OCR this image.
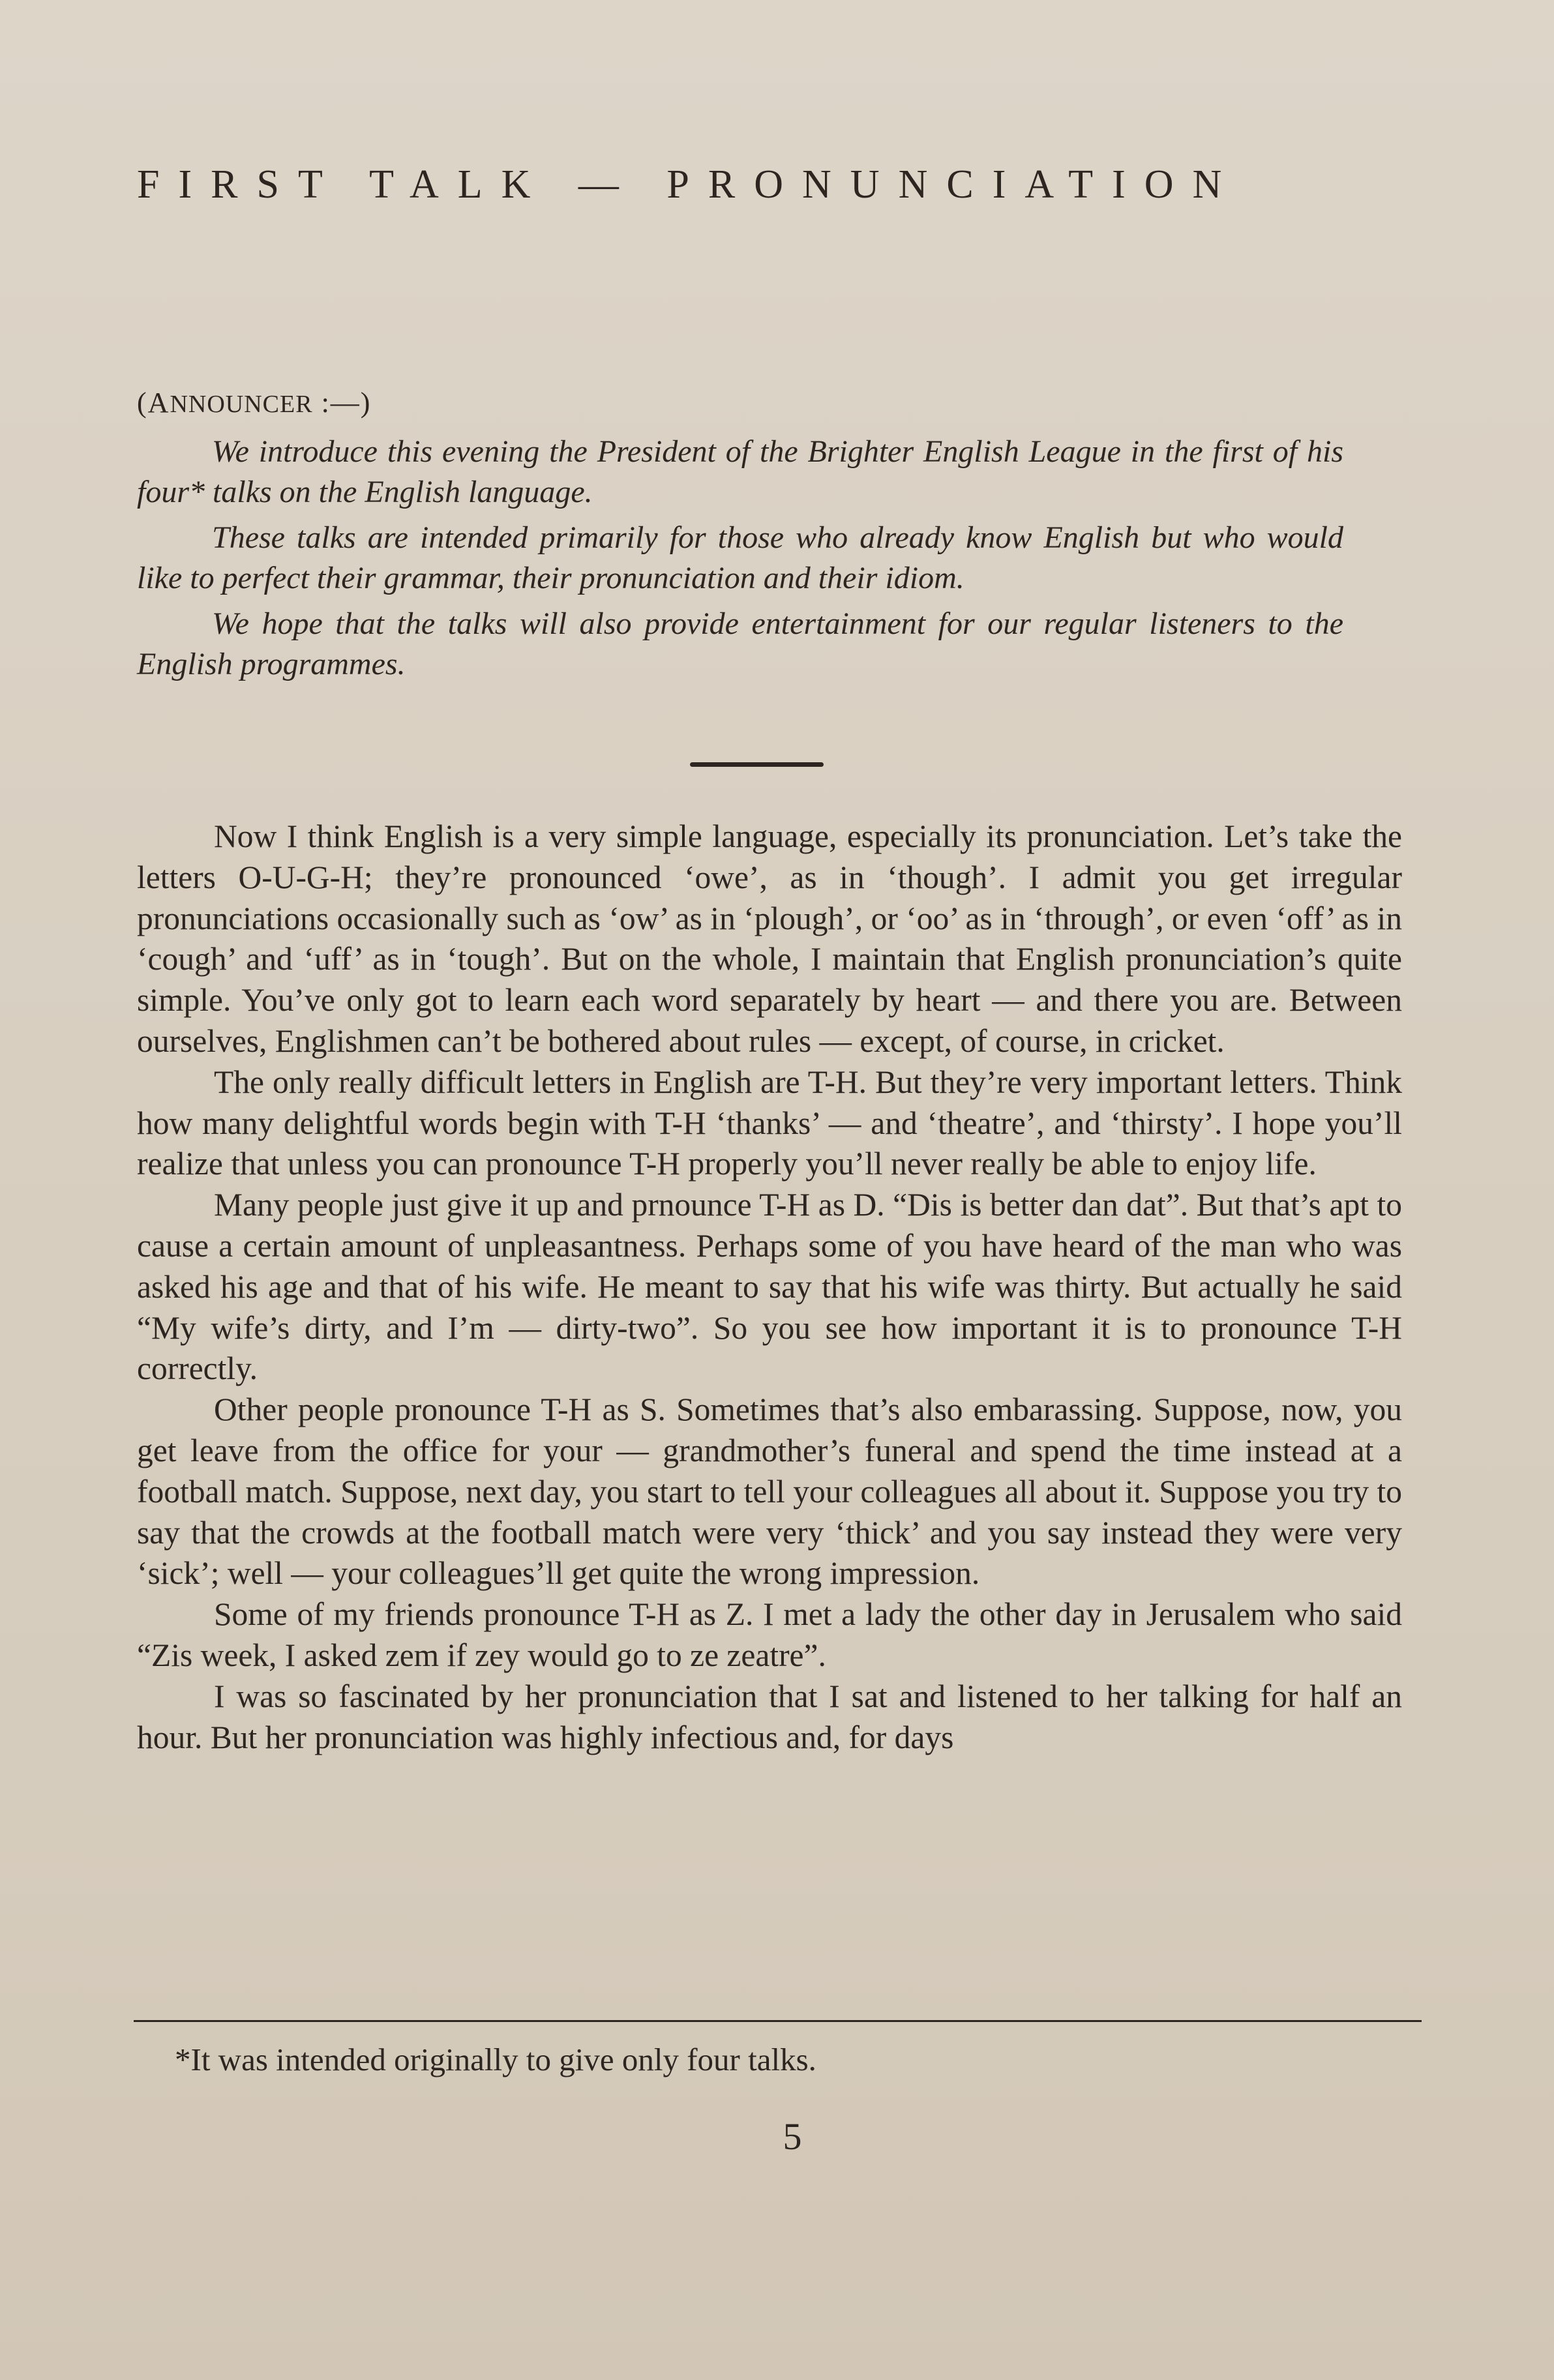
FIRST TALK — PRONUNCIATION
(ANNOUNCER :—)

We introduce this evening the President of the Brighter English League in the first of his four* talks on the English language.

These talks are intended primarily for those who already know English but who would like to perfect their grammar, their pronunciation and their idiom.

We hope that the talks will also provide entertainment for our regular listeners to the English programmes.

Now I think English is a very simple language, especially its pronunciation. Let’s take the letters O-U-G-H; they’re pronounced ‘owe’, as in ‘though’. I admit you get irregular pronunciations occasionally such as ‘ow’ as in ‘plough’, or ‘oo’ as in ‘through’, or even ‘off’ as in ‘cough’ and ‘uff’ as in ‘tough’. But on the whole, I maintain that English pronunciation’s quite simple. You’ve only got to learn each word separately by heart — and there you are. Between ourselves, Englishmen can’t be bothered about rules — except, of course, in cricket.

The only really difficult letters in English are T-H. But they’re very important letters. Think how many delightful words begin with T-H ‘thanks’ — and ‘theatre’, and ‘thirsty’. I hope you’ll realize that unless you can pronounce T-H properly you’ll never really be able to enjoy life.

Many people just give it up and prnounce T-H as D. “Dis is better dan dat”. But that’s apt to cause a certain amount of unpleasantness. Perhaps some of you have heard of the man who was asked his age and that of his wife. He meant to say that his wife was thirty. But actually he said “My wife’s dirty, and I’m — dirty-two”. So you see how important it is to pronounce T-H correctly.

Other people pronounce T-H as S. Sometimes that’s also embarassing. Suppose, now, you get leave from the office for your — grandmother’s funeral and spend the time instead at a football match. Suppose, next day, you start to tell your colleagues all about it. Suppose you try to say that the crowds at the football match were very ‘thick’ and you say instead they were very ‘sick’; well — your colleagues’ll get quite the wrong impression.

Some of my friends pronounce T-H as Z. I met a lady the other day in Jerusalem who said “Zis week, I asked zem if zey would go to ze zeatre”.

I was so fascinated by her pronunciation that I sat and listened to her talking for half an hour. But her pronunciation was highly infectious and, for days

*It was intended originally to give only four talks.
5
